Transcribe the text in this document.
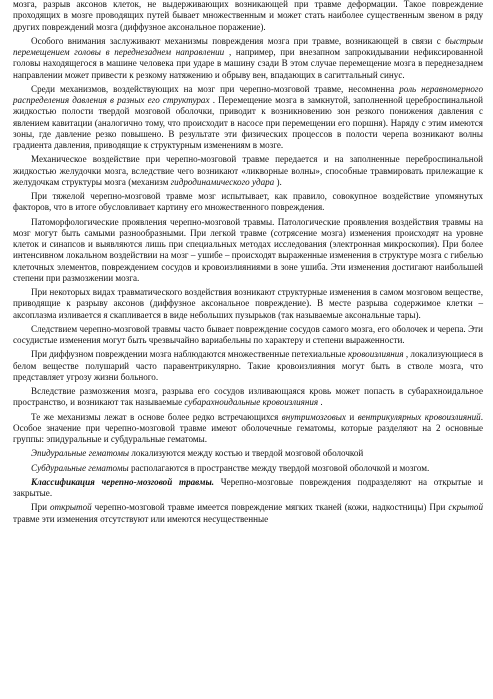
мозга, разрыв аксонов клеток, не выдерживающих возникающей при травме деформации. Такое повреждение проходящих в мозге проводящих путей бывает множественным и может стать наиболее существенным звеном в ряду других повреждений мозга (диффузное аксональное поражение).

Особого внимания заслуживают механизмы повреждения мозга при травме, возникающей в связи с быстрым перемещением головы в переднезаднем направлении , например, при внезапном запрокидывании нефиксированной головы находящегося в машине человека при ударе в машину сзади В этом случае перемещение мозга в переднезаднем направлении может привести к резкому натяжению и обрыву вен, впадающих в сагиттальный синус.

Среди механизмов, воздействующих на мозг при черепно-мозговой травме, несомненна роль неравномерного распределения давления в разных его структурах . Перемещение мозга в замкнутой, заполненной цереброспинальной жидкостью полости твердой мозговой оболочки, приводит к возникновению зон резкого понижения давления с явлением кавитации (аналогично тому, что происходит в насосе при перемещении его поршня). Наряду с этим имеются зоны, где давление резко повышено. В результате эти физических процессов в полости черепа возникают волны градиента давления, приводящие к структурным изменениям в мозге.

Механическое воздействие при черепно-мозговой травме передается и на заполненные переброспинальной жидкостью желудочки мозга, вследствие чего возникают «ликворные волны», способные травмировать прилежащие к желудочкам структуры мозга (механизм гидродинамического удара ).

При тяжелой черепно-мозговой травме мозг испытывает, как правило, совокупное воздействие упомянутых факторов, что в итоге обусловливает картину его множественного повреждения.

Патоморфологические проявления черепно-мозговой травмы. Патологические проявления воздействия травмы на мозг могут быть самыми разнообразными. При легкой травме (сотрясение мозга) изменения происходят на уровне клеток и синапсов и выявляются лишь при специальных методах исследования (электронная микроскопия). При более интенсивном локальном воздействии на мозг – ушибе – происходят выраженные изменения в структуре мозга с гибелью клеточных элементов, повреждением сосудов и кровоизлияниями в зоне ушиба. Эти изменения достигают наибольшей степени при размозжении мозга.

При некоторых видах травматического воздействия возникают структурные изменения в самом мозговом веществе, приводящие к разрыву аксонов (диффузное аксональное повреждение). В месте разрыва содержимое клетки – аксоплазма изливается я скапливается в виде небольших пузырьков (так называемые аксональные тары).

Следствием черепно-мозговой травмы часто бывает повреждение сосудов самого мозга, его оболочек и черепа. Эти сосудистые изменения могут быть чрезвычайно вариабельны по характеру и степени выраженности.

При диффузном повреждении мозга наблюдаются множественные петехиальные кровоизлияния , локализующиеся в белом веществе полушарий часто паравентрикулярно. Такие кровоизлияния могут быть в стволе мозга, что представляет угрозу жизни больного.

Вследствие размозжения мозга, разрыва его сосудов изливающаяся кровь может попасть в субарахноидальное пространство, и возникают так называемые субарахноидальные кровоизлияния .

Те же механизмы лежат в основе более редко встречающихся внутримозговых и вентрикулярных кровоизлияний. Особое значение при черепно-мозговой травме имеют оболочечные гематомы, которые разделяют на 2 основные группы: эпидуральные и субдуральные гематомы.

Эпидуральные гематомы локализуются между костью и твердой мозговой оболочкой

Субдуральные гематомы располагаются в пространстве между твердой мозговой оболочкой и мозгом.

Классификация черепно-мозговой травмы. Черепно-мозговые повреждения подразделяют на открытые и закрытые.

При открытой черепно-мозговой травме имеется повреждение мягких тканей (кожи, надкостницы) При скрытой травме эти изменения отсутствуют или имеются несущественные
